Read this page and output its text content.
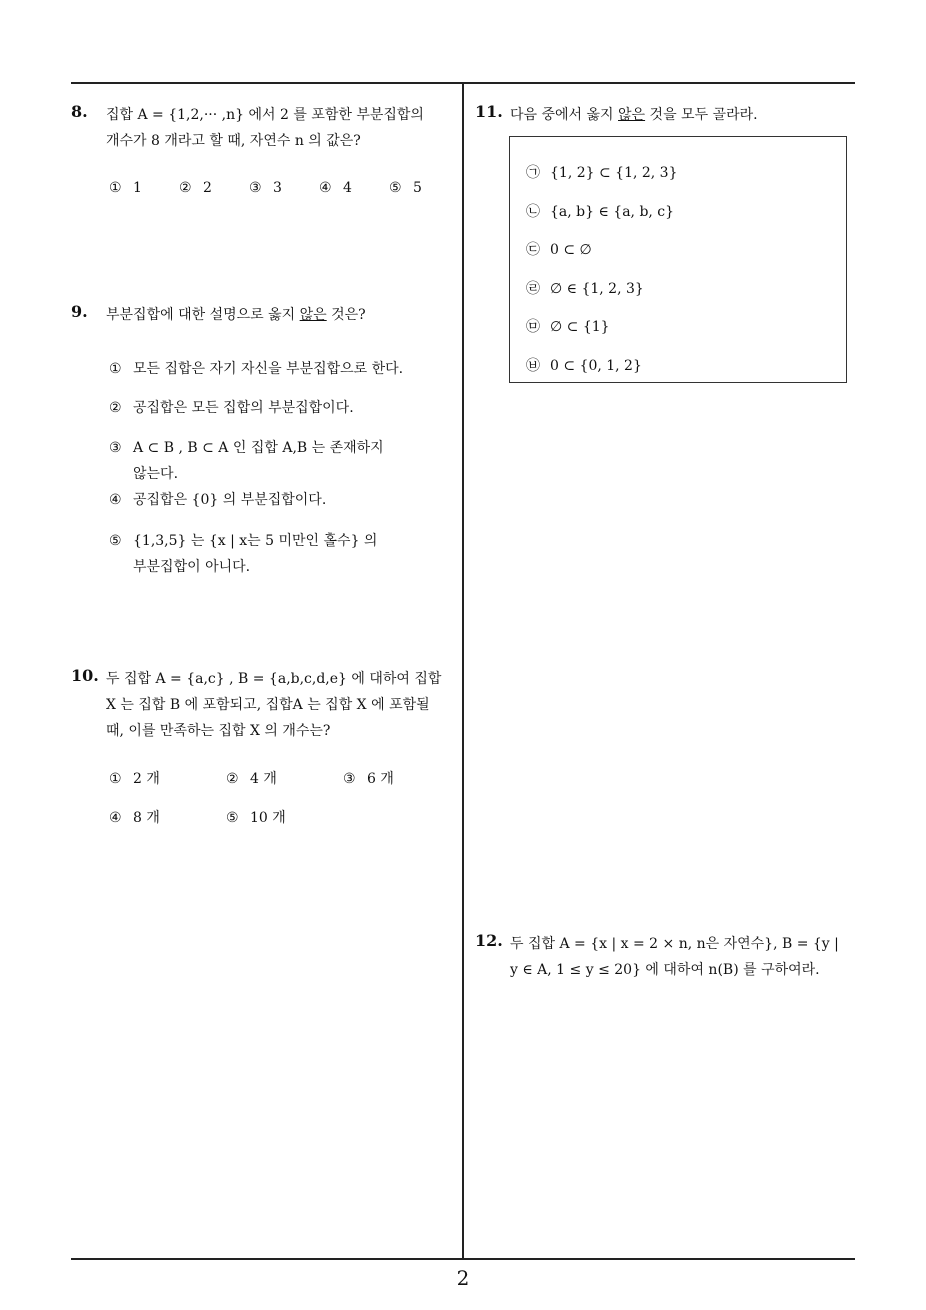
8. 집합 A = {1,2,··· ,n} 에서 2 를 포함한 부분집합의
개수가 8 개라고 할 때, 자연수 n 의 값은?
① 1	② 2	③ 3	④ 4	⑤ 5
9. 부분집합에 대한 설명으로 옳지 않은 것은?
① 모든 집합은 자기 자신을 부분집합으로 한다.
② 공집합은 모든 집합의 부분집합이다.
③ A ⊂ B , B ⊂ A 인 집합 A,B 는 존재하지
않는다.
④ 공집합은 {0} 의 부분집합이다.
⑤ {1,3,5} 는 {x | x는 5 미만인 홀수} 의
부분집합이 아니다.
10. 두 집합 A = {a,c} , B = {a,b,c,d,e} 에 대하여 집합
X 는 집합 B 에 포함되고, 집합A 는 집합 X 에 포함될
때, 이를 만족하는 집합 X 의 개수는?
① 2 개	② 4 개	③ 6 개
④ 8 개	⑤ 10 개
11. 다음 중에서 옳지 않은 것을 모두 골라라.
㉠ {1, 2} ⊂ {1, 2, 3}
㉡ {a, b} ∈ {a, b, c}
㉢ 0 ⊂ ∅
㉣ ∅ ∈ {1, 2, 3}
㉤ ∅ ⊂ {1}
㉥ 0 ⊂ {0, 1, 2}
12. 두 집합 A = {x | x = 2 × n, n은 자연수}, B = {y |
y ∈ A, 1 ≤ y ≤ 20} 에 대하여 n(B) 를 구하여라.
2
